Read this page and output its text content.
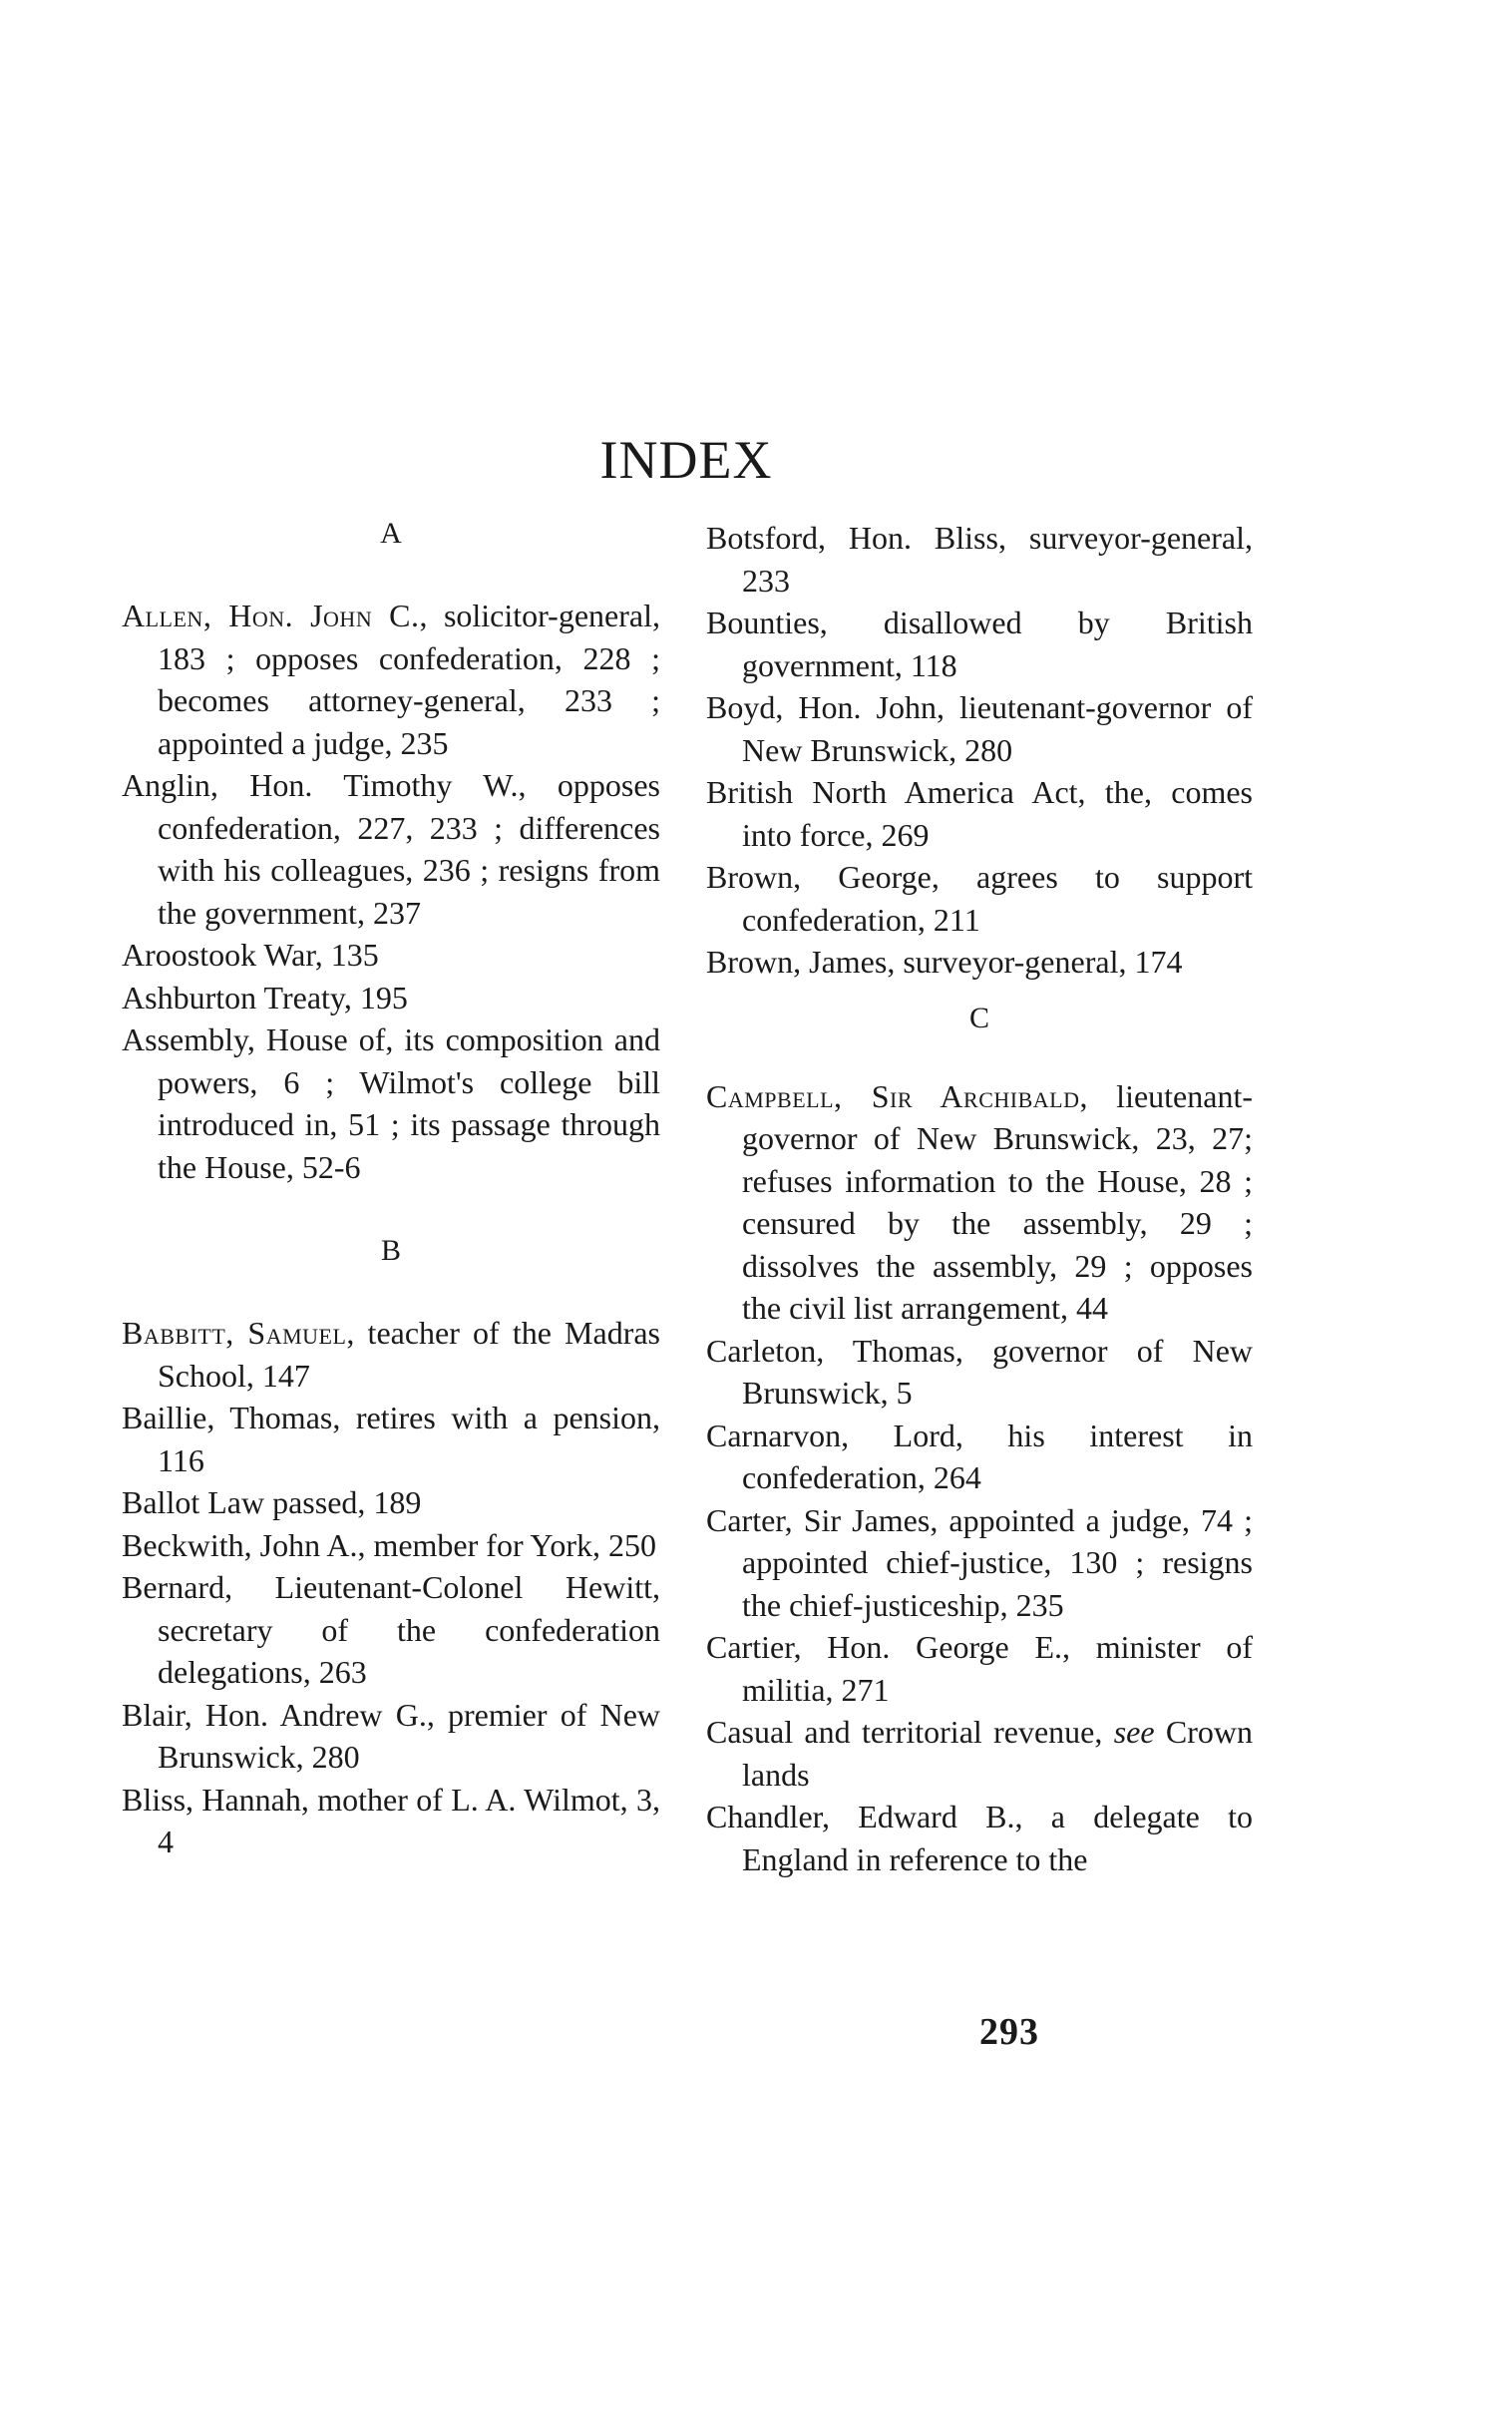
INDEX
A

Allen, Hon. John C., solicitor-general, 183 ; opposes confederation, 228 ; becomes attorney-general, 233 ; appointed a judge, 235

Anglin, Hon. Timothy W., opposes confederation, 227, 233 ; differences with his colleagues, 236 ; resigns from the government, 237

Aroostook War, 135

Ashburton Treaty, 195

Assembly, House of, its composition and powers, 6 ; Wilmot's college bill introduced in, 51 ; its passage through the House, 52-6

B

Babbitt, Samuel, teacher of the Madras School, 147

Baillie, Thomas, retires with a pension, 116

Ballot Law passed, 189

Beckwith, John A., member for York, 250

Bernard, Lieutenant-Colonel Hewitt, secretary of the confederation delegations, 263

Blair, Hon. Andrew G., premier of New Brunswick, 280

Bliss, Hannah, mother of L. A. Wilmot, 3, 4

Botsford, Hon. Bliss, surveyor-general, 233

Bounties, disallowed by British government, 118

Boyd, Hon. John, lieutenant-governor of New Brunswick, 280

British North America Act, the, comes into force, 269

Brown, George, agrees to support confederation, 211

Brown, James, surveyor-general, 174

C

Campbell, Sir Archibald, lieutenant-governor of New Brunswick, 23, 27; refuses information to the House, 28 ; censured by the assembly, 29 ; dissolves the assembly, 29 ; opposes the civil list arrangement, 44

Carleton, Thomas, governor of New Brunswick, 5

Carnarvon, Lord, his interest in confederation, 264

Carter, Sir James, appointed a judge, 74 ; appointed chief-justice, 130 ; resigns the chief-justiceship, 235

Cartier, Hon. George E., minister of militia, 271

Casual and territorial revenue, see Crown lands

Chandler, Edward B., a delegate to England in reference to the

293
